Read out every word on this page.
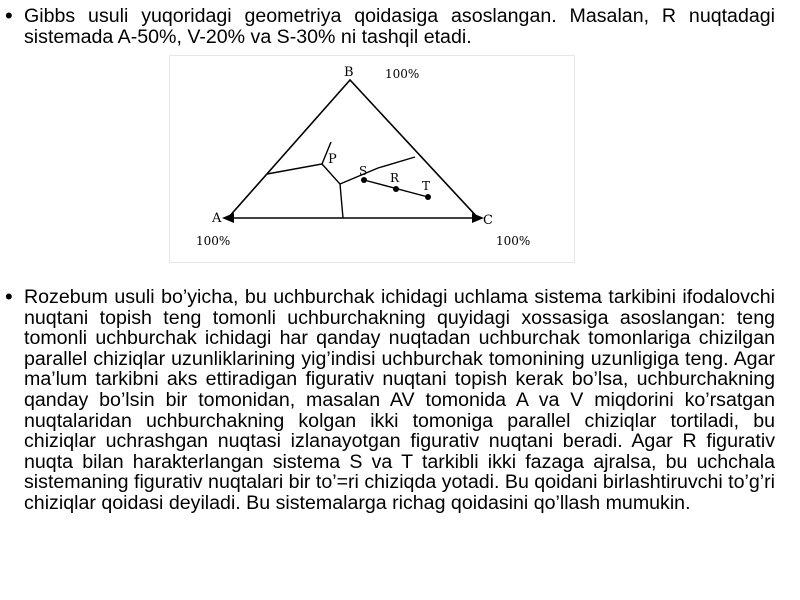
• Gibbs usuli yuqoridagi geometriya qoidasiga asoslangan. Masalan, R nuqtadagi sistemada A-50%, V-20% va S-30% ni tashqil etadi.
B	100%
A
100%
C
100%
P
S R
T
• Rozebum usuli bo’yicha, bu uchburchak ichidagi uchlama sistema tarkibini ifodalovchi nuqtani topish teng tomonli uchburchakning quyidagi xossasiga asoslangan: teng tomonli uchburchak ichidagi har qanday nuqtadan uchburchak tomonlariga chizilgan parallel chiziqlar uzunliklarining yig’indisi uchburchak tomonining uzunligiga teng. Agar ma’lum tarkibni aks ettiradigan figurativ nuqtani topish kerak bo’lsa, uchburchakning qanday bo’lsin bir tomonidan, masalan AV tomonida A va V miqdorini ko’rsatgan nuqtalaridan uchburchakning kolgan ikki tomoniga parallel chiziqlar tortiladi, bu chiziqlar uchrashgan nuqtasi izlanayotgan figurativ nuqtani beradi. Agar R figurativ nuqta bilan harakterlangan sistema S va T tarkibli ikki fazaga ajralsa, bu uchchala sistemaning figurativ nuqtalari bir to’=ri chiziqda yotadi. Bu qoidani birlashtiruvchi to’g’ri chiziqlar qoidasi deyiladi. Bu sistemalarga richag qoidasini qo’llash mumukin.
